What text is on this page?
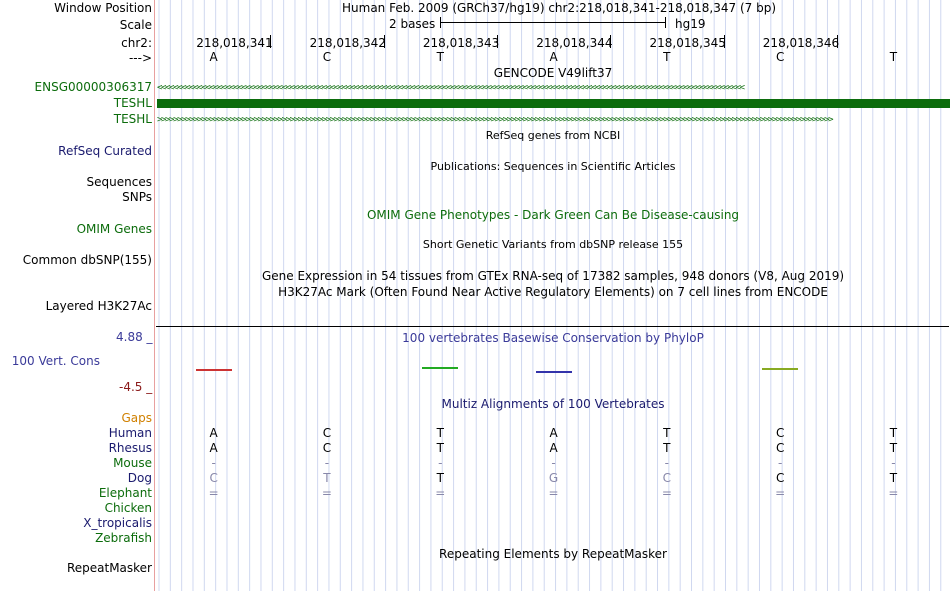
Window Position	Human Feb. 2009 (GRCh37/hg19) chr2:218,018,341-218,018,347 (7 bp)
Scale	2 bases	hg19
chr2:	218,018,341	218,018,342	218,018,343	218,018,344	218,018,345	218,018,346
--->	A	C	T	A	T	C	T
GENCODE V49lift37
ENSG00000306317 <<<<<<<<<<<<<<<<<<<<<<<<<<<<<<<<<<<<<<<<<<<<<<<<<<<<<<<<<<<<<<<<<<<<<<<<<<<<<<<<<<<<<<<<<<<<<<<<<<<<<<<<<<<<<<<<<<<<<<<<<<<<<<<<<<<<<<<<<<<<<<<<<<
TESHL
TESHL >>>>>>>>>>>>>>>>>>>>>>>>>>>>>>>>>>>>>>>>>>>>>>>>>>>>>>>>>>>>>>>>>>>>>>>>>>>>>>>>>>>>>>>>>>>>>>>>>>>>>>>>>>>>>>>>>>>>>>>>>>>>>>>>>>>>>>>>>>>>>>>>>>>>>>>>>>>>>>>>>>>>>>>>
RefSeq genes from NCBI
RefSeq Curated
Publications: Sequences in Scientific Articles
Sequences
SNPs
OMIM Gene Phenotypes - Dark Green Can Be Disease-causing
OMIM Genes
Short Genetic Variants from dbSNP release 155
Common dbSNP(155)
Gene Expression in 54 tissues from GTEx RNA-seq of 17382 samples, 948 donors (V8, Aug 2019)
H3K27Ac Mark (Often Found Near Active Regulatory Elements) on 7 cell lines from ENCODE
Layered H3K27Ac
100 vertebrates Basewise Conservation by PhyloP
4.88 _
100 Vert. Cons
-4.5 _
Multiz Alignments of 100 Vertebrates
Gaps
Human	A	C	T	A	T	C	T
Rhesus	A	C	T	A	T	C	T
Mouse	-	-	-	-	-	-	-
Dog	C	T	T	G	C	C	T
Elephant	=	=	=	=	=	=	=
Chicken
X_tropicalis
Zebrafish
Repeating Elements by RepeatMasker
RepeatMasker
